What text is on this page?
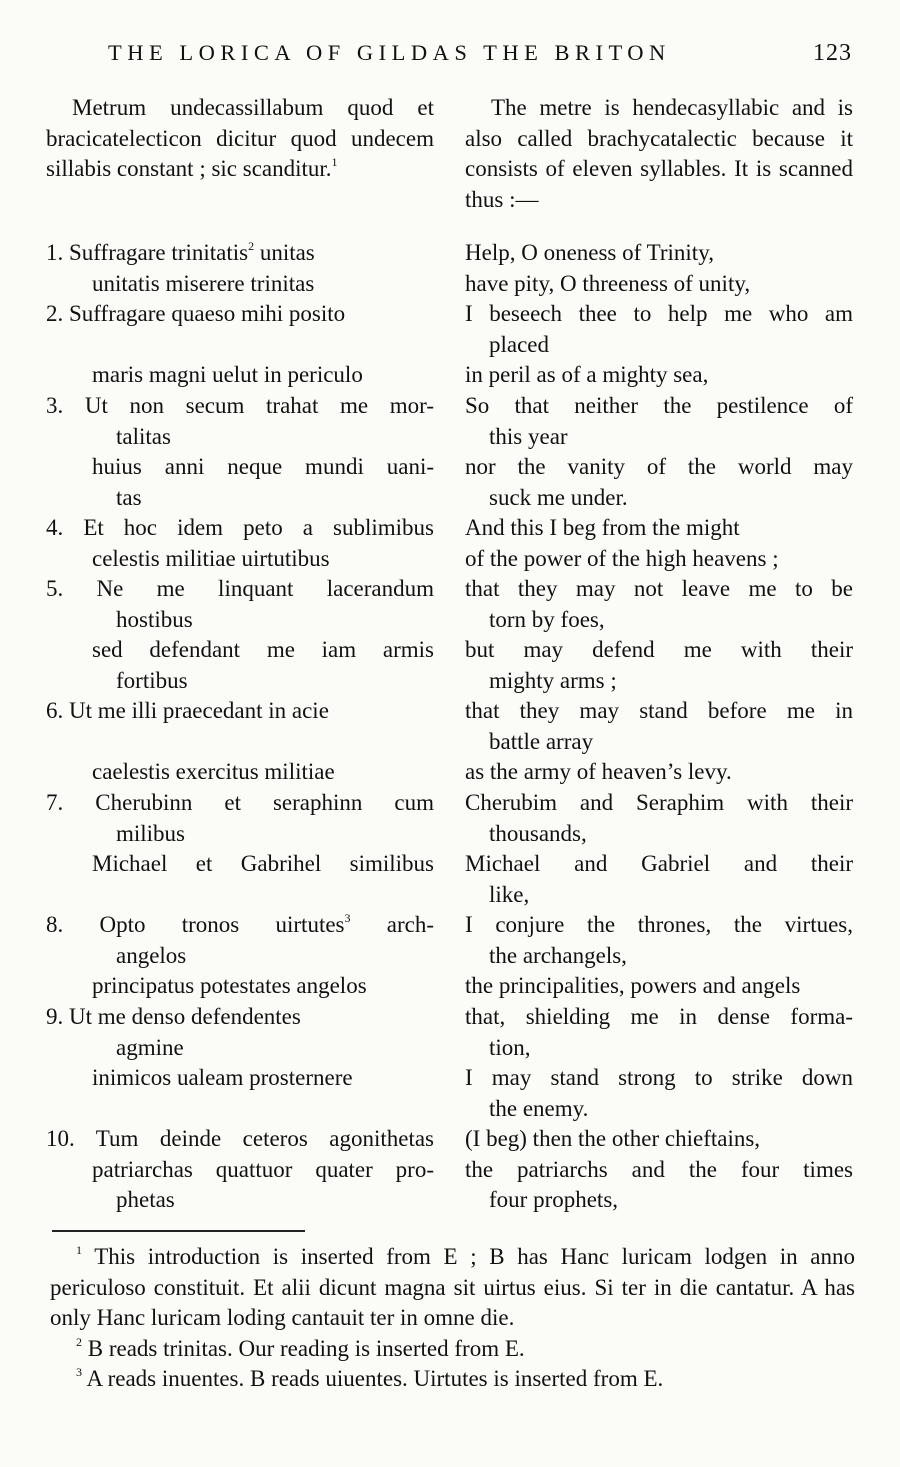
THE LORICA OF GILDAS THE BRITON	123

Metrum undecassillabum quod et bracicatelecticon dicitur quod undecem sillabis constant ; sic scanditur.$^1$

The metre is hendecasyllabic and is also called brachycatalectic because it consists of eleven syllables. It is scanned thus :—

1. Suffragare trinitatis$^2$ unitas
unitatis miserere trinitas
Help, O oneness of Trinity,
have pity, O threeness of unity,
2. Suffragare quaeso mihi posito
maris magni uelut in periculo
I beseech thee to help me who am
placed
in peril as of a mighty sea,
3. Ut non secum trahat me mor-
talitas
huius anni neque mundi uani-
tas
So that neither the pestilence of
this year
nor the vanity of the world may
suck me under.
4. Et hoc idem peto a sublimibus
celestis militiae uirtutibus
And this I beg from the might
of the power of the high heavens ;
5. Ne me linquant lacerandum
hostibus
sed defendant me iam armis
fortibus
that they may not leave me to be
torn by foes,
but may defend me with their
mighty arms ;
6. Ut me illi praecedant in acie
caelestis exercitus militiae
that they may stand before me in
battle array
as the army of heaven’s levy.
7. Cherubinn et seraphinn cum
milibus
Michael et Gabrihel similibus
Cherubim and Seraphim with their
thousands,
Michael and Gabriel and their
like,
8. Opto tronos uirtutes$^3$ arch-
angelos
principatus potestates angelos
I conjure the thrones, the virtues,
the archangels,
the principalities, powers and angels
9. Ut me denso defendentes
agmine
inimicos ualeam prosternere
that, shielding me in dense forma-
tion,
I may stand strong to strike down
the enemy.
10. Tum deinde ceteros agonithetas
patriarchas quattuor quater pro-
phetas
(I beg) then the other chieftains,
the patriarchs and the four times
four prophets,

$^1$ This introduction is inserted from E ; B has Hanc luricam lodgen in anno periculoso constituit. Et alii dicunt magna sit uirtus eius. Si ter in die cantatur. A has only Hanc luricam loding cantauit ter in omne die.

$^2$ B reads trinitas. Our reading is inserted from E.

$^3$ A reads inuentes. B reads uiuentes. Uirtutes is inserted from E.
